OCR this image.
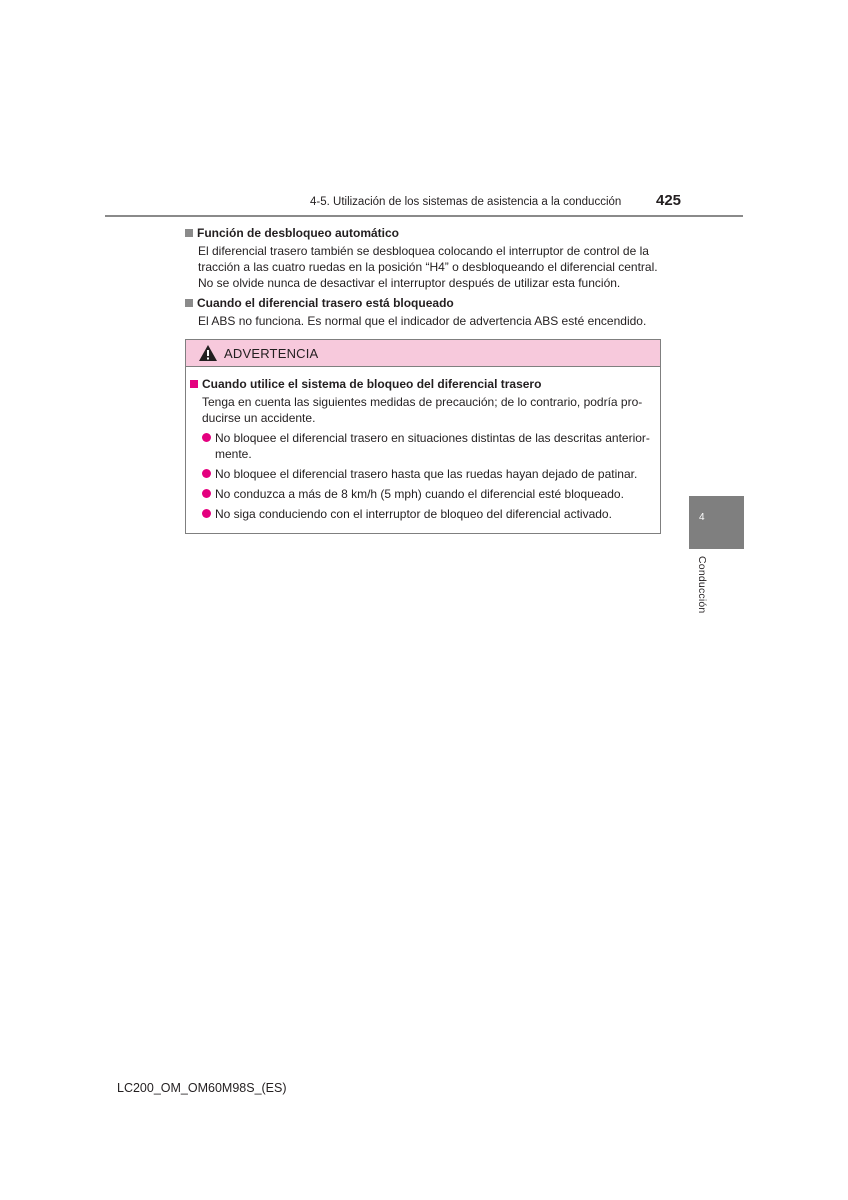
4-5. Utilización de los sistemas de asistencia a la conducción 425
Función de desbloqueo automático
El diferencial trasero también se desbloquea colocando el interruptor de control de la
tracción a las cuatro ruedas en la posición “H4” o desbloqueando el diferencial central.
No se olvide nunca de desactivar el interruptor después de utilizar esta función.
Cuando el diferencial trasero está bloqueado
El ABS no funciona. Es normal que el indicador de advertencia ABS esté encendido.
ADVERTENCIA
Cuando utilice el sistema de bloqueo del diferencial trasero
Tenga en cuenta las siguientes medidas de precaución; de lo contrario, podría pro-
ducirse un accidente.
No bloquee el diferencial trasero en situaciones distintas de las descritas anterior-
mente.
No bloquee el diferencial trasero hasta que las ruedas hayan dejado de patinar.
No conduzca a más de 8 km/h (5 mph) cuando el diferencial esté bloqueado.
No siga conduciendo con el interruptor de bloqueo del diferencial activado.	4
Conducción
LC200_OM_OM60M98S_(ES)
